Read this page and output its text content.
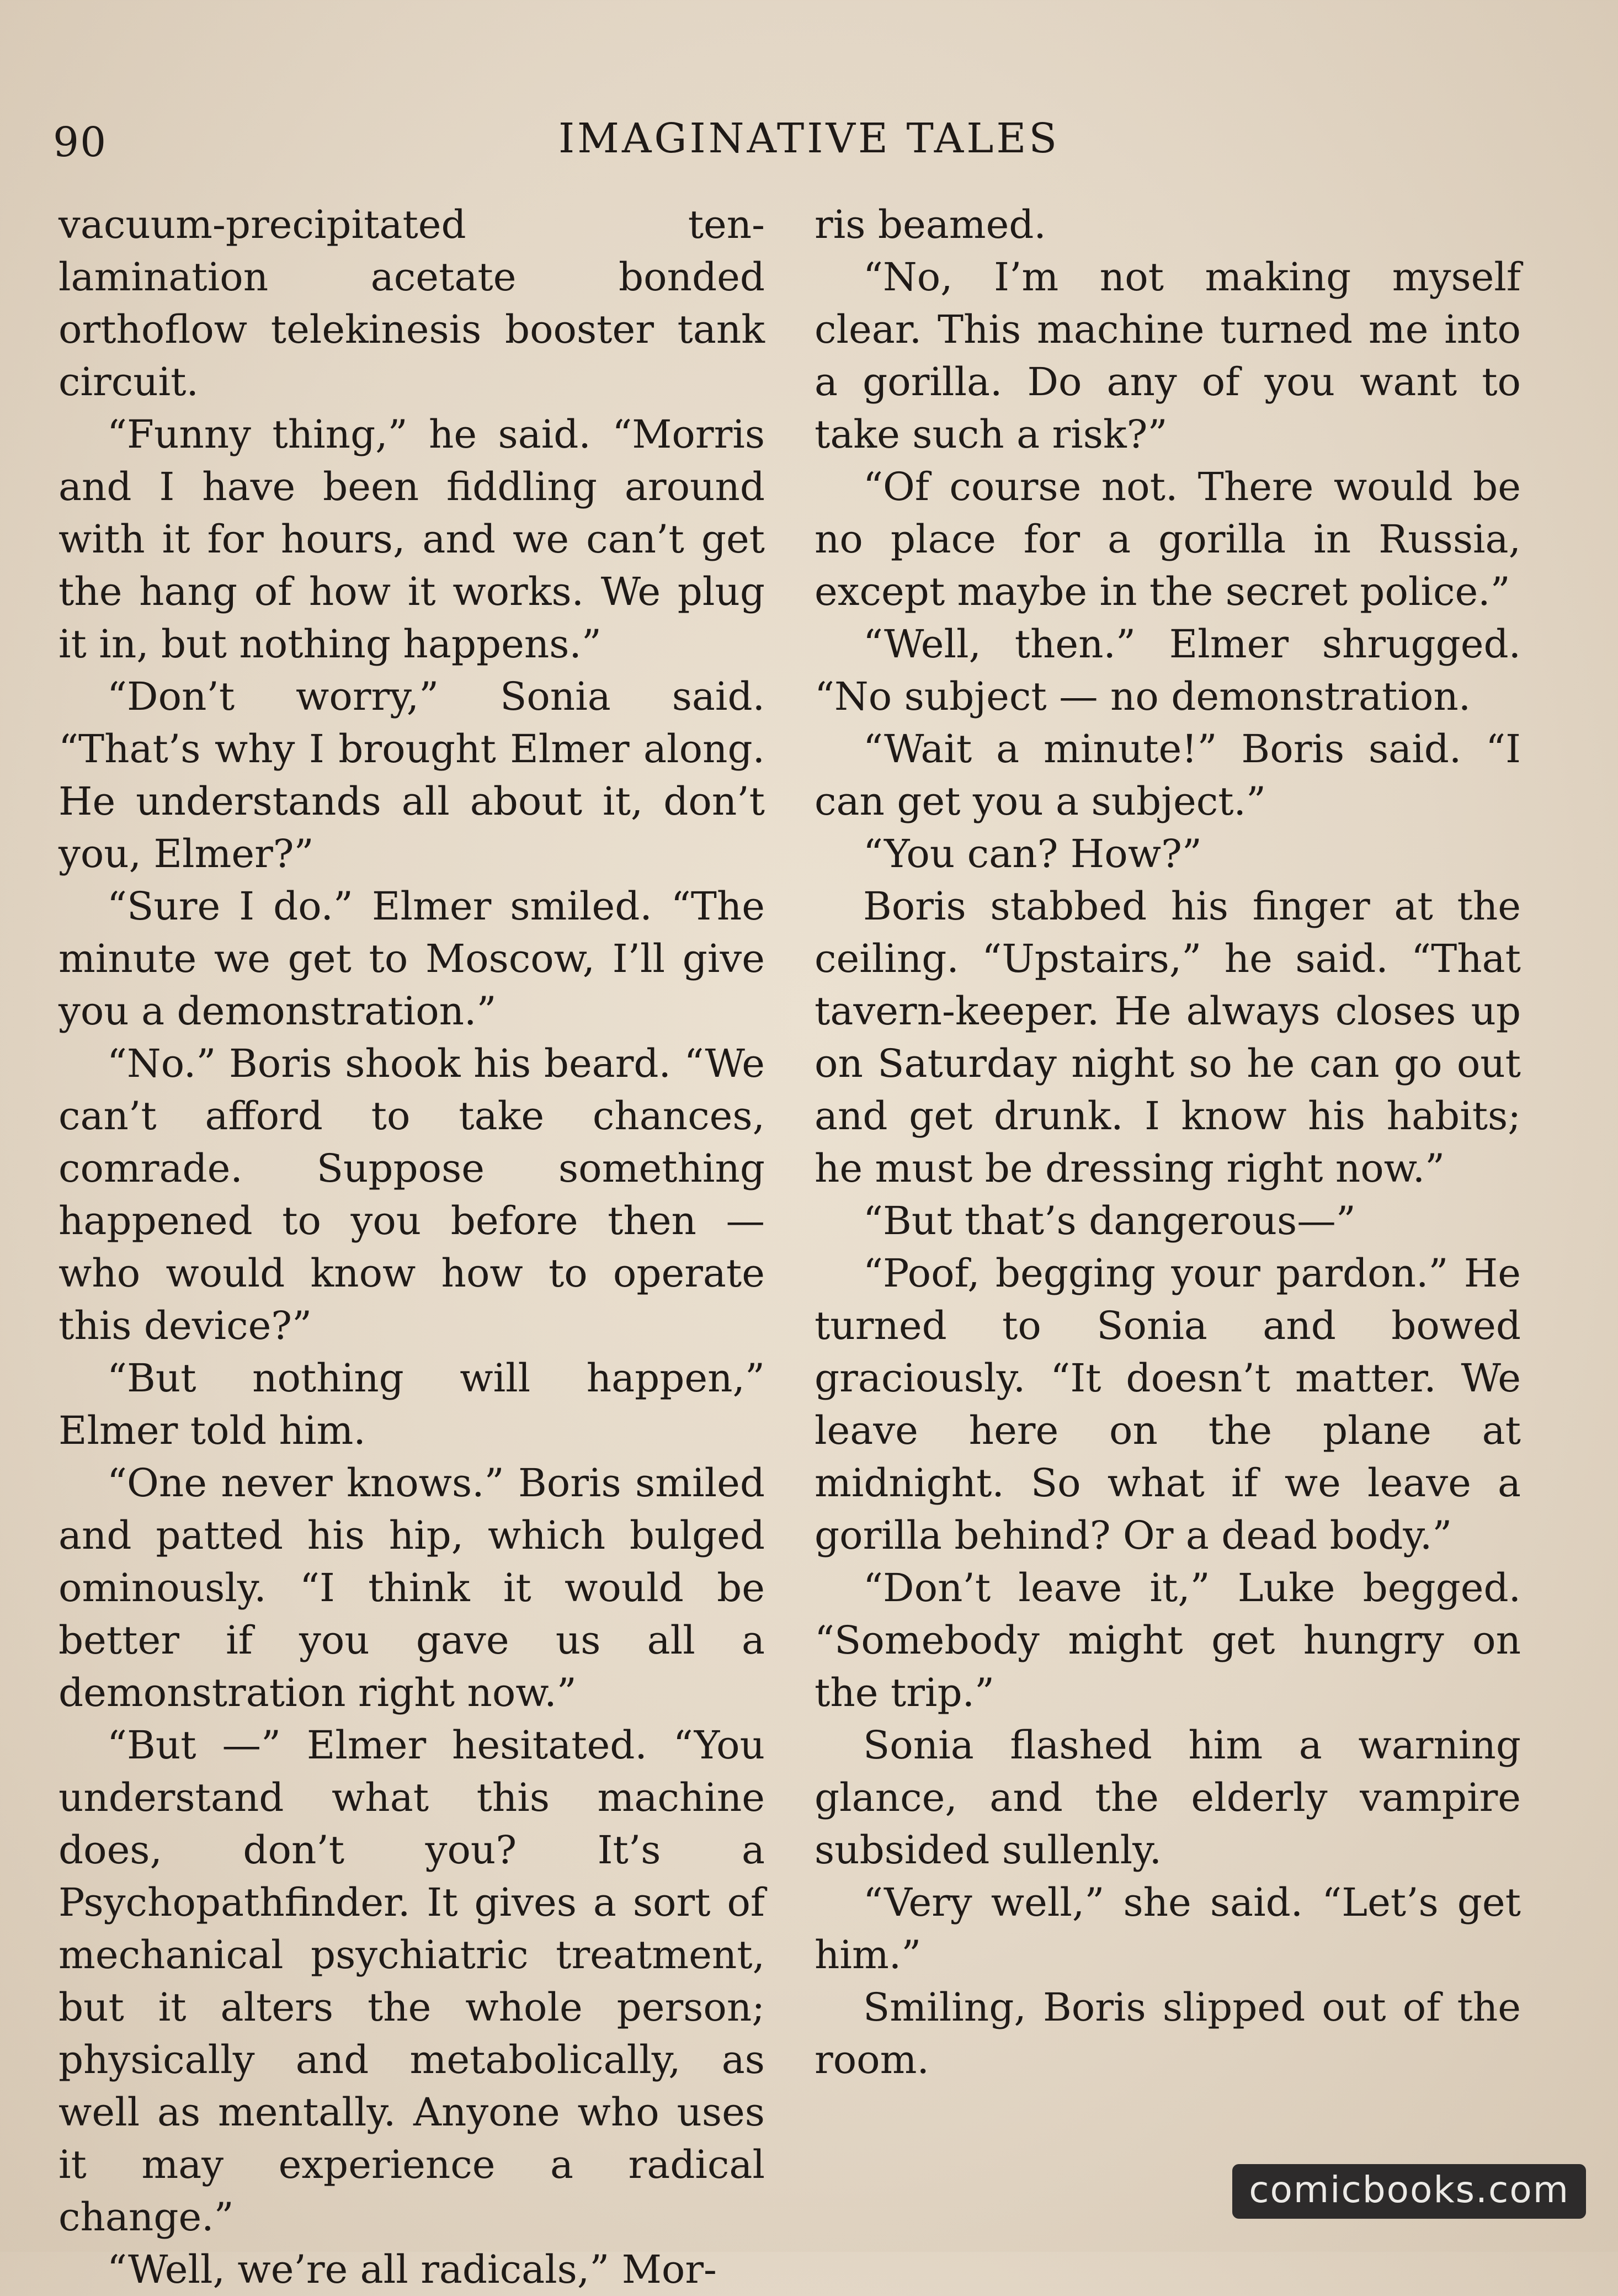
90	IMAGINATIVE TALES

vacuum-precipitated ten-lamination acetate bonded orthoflow telekinesis booster tank circuit.

“Funny thing,” he said. “Morris and I have been fiddling around with it for hours, and we can’t get the hang of how it works. We plug it in, but nothing happens.”

“Don’t worry,” Sonia said. “That’s why I brought Elmer along. He understands all about it, don’t you, Elmer?”

“Sure I do.” Elmer smiled. “The minute we get to Moscow, I’ll give you a demonstration.”

“No.” Boris shook his beard. “We can’t afford to take chances, comrade. Suppose something happened to you before then — who would know how to operate this device?”

“But nothing will happen,” Elmer told him.

“One never knows.” Boris smiled and patted his hip, which bulged ominously. “I think it would be better if you gave us all a demonstration right now.”

“But —” Elmer hesitated. “You understand what this machine does, don’t you? It’s a Psychopathfinder. It gives a sort of mechanical psychiatric treatment, but it alters the whole person; physically and metabolically, as well as mentally. Anyone who uses it may experience a radical change.”

“Well, we’re all radicals,” Mor-

ris beamed.

“No, I’m not making myself clear. This machine turned me into a gorilla. Do any of you want to take such a risk?”

“Of course not. There would be no place for a gorilla in Russia, except maybe in the secret police.”

“Well, then.” Elmer shrugged. “No subject — no demonstration.

“Wait a minute!” Boris said. “I can get you a subject.”

“You can? How?”

Boris stabbed his finger at the ceiling. “Upstairs,” he said. “That tavern-keeper. He always closes up on Saturday night so he can go out and get drunk. I know his habits; he must be dressing right now.”

“But that’s dangerous—”

“Poof, begging your pardon.” He turned to Sonia and bowed graciously. “It doesn’t matter. We leave here on the plane at midnight. So what if we leave a gorilla behind? Or a dead body.”

“Don’t leave it,” Luke begged. “Somebody might get hungry on the trip.”

Sonia flashed him a warning glance, and the elderly vampire subsided sullenly.

“Very well,” she said. “Let’s get him.”

Smiling, Boris slipped out of the room.

comicbooks.com
